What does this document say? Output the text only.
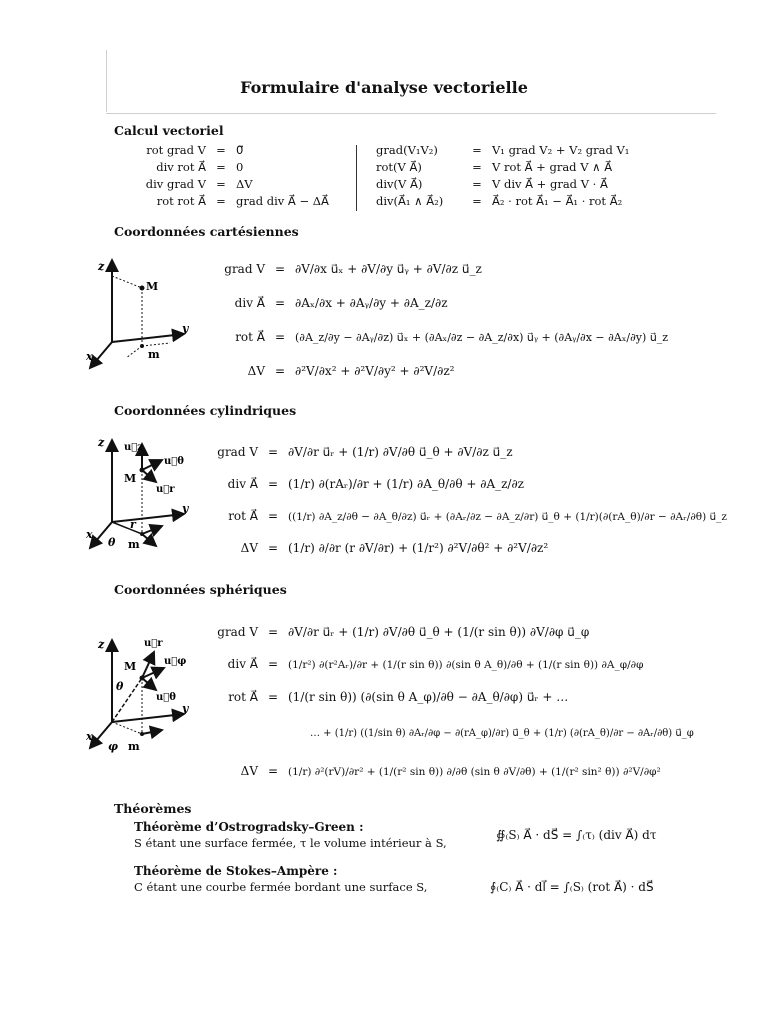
Formulaire d'analyse vectorielle
Calcul vectoriel
rot grad V = 0⃗
div rot A⃗ = 0
div grad V = ΔV
rot rot A⃗ = grad div A⃗ − ΔA⃗
grad(V₁V₂)	= V₁ grad V₂ + V₂ grad V₁
rot(V A⃗)	= V rot A⃗ + grad V ∧ A⃗
div(V A⃗)	= V div A⃗ + grad V · A⃗
div(A⃗₁ ∧ A⃗₂)	= A⃗₂ · rot A⃗₁ − A⃗₁ · rot A⃗₂
Coordonnées cartésiennes
z
y
x
M
m
grad V = ∂V/∂x u⃗ₓ + ∂V/∂y u⃗ᵧ + ∂V/∂z u⃗_z
div A⃗ = ∂Aₓ/∂x + ∂Aᵧ/∂y + ∂A_z/∂z
rot A⃗ = (∂A_z/∂y − ∂Aᵧ/∂z) u⃗ₓ + (∂Aₓ/∂z − ∂A_z/∂x) u⃗ᵧ + (∂Aᵧ/∂x − ∂Aₓ/∂y) u⃗_z
ΔV = ∂²V/∂x² + ∂²V/∂y² + ∂²V/∂z²
Coordonnées cylindriques
z
y
x
M
m
r
θ
u⃗z
u⃗r
u⃗θ
grad V = ∂V/∂r u⃗ᵣ + (1/r) ∂V/∂θ u⃗_θ + ∂V/∂z u⃗_z
div A⃗ = (1/r) ∂(rAᵣ)/∂r + (1/r) ∂A_θ/∂θ + ∂A_z/∂z
rot A⃗ = ((1/r) ∂A_z/∂θ − ∂A_θ/∂z) u⃗ᵣ + (∂Aᵣ/∂z − ∂A_z/∂r) u⃗_θ + (1/r)(∂(rA_θ)/∂r − ∂Aᵣ/∂θ) u⃗_z
ΔV = (1/r) ∂/∂r (r ∂V/∂r) + (1/r²) ∂²V/∂θ² + ∂²V/∂z²
Coordonnées sphériques
z
y
x
M
m
θ
φ
u⃗r
u⃗φ
u⃗θ
grad V = ∂V/∂r u⃗ᵣ + (1/r) ∂V/∂θ u⃗_θ + (1/(r sin θ)) ∂V/∂φ u⃗_φ
div A⃗ = (1/r²) ∂(r²Aᵣ)/∂r + (1/(r sin θ)) ∂(sin θ A_θ)/∂θ + (1/(r sin θ)) ∂A_φ/∂φ
rot A⃗ = (1/(r sin θ)) (∂(sin θ A_φ)/∂θ − ∂A_θ/∂φ) u⃗ᵣ + …
… + (1/r) ((1/sin θ) ∂Aᵣ/∂φ − ∂(rA_φ)/∂r) u⃗_θ + (1/r) (∂(rA_θ)/∂r − ∂Aᵣ/∂θ) u⃗_φ
ΔV = (1/r) ∂²(rV)/∂r² + (1/(r² sin θ)) ∂/∂θ (sin θ ∂V/∂θ) + (1/(r² sin² θ)) ∂²V/∂φ²
Théorèmes
Théorème d’Ostrogradsky–Green :
S étant une surface fermée, τ le volume intérieur à S,
∯₍S₎ A⃗ · dS⃗ = ∫₍τ₎ (div A⃗) dτ
Théorème de Stokes–Ampère :
C étant une courbe fermée bordant une surface S,	∮₍C₎ A⃗ · dl⃗ = ∫₍S₎ (rot A⃗) · dS⃗
